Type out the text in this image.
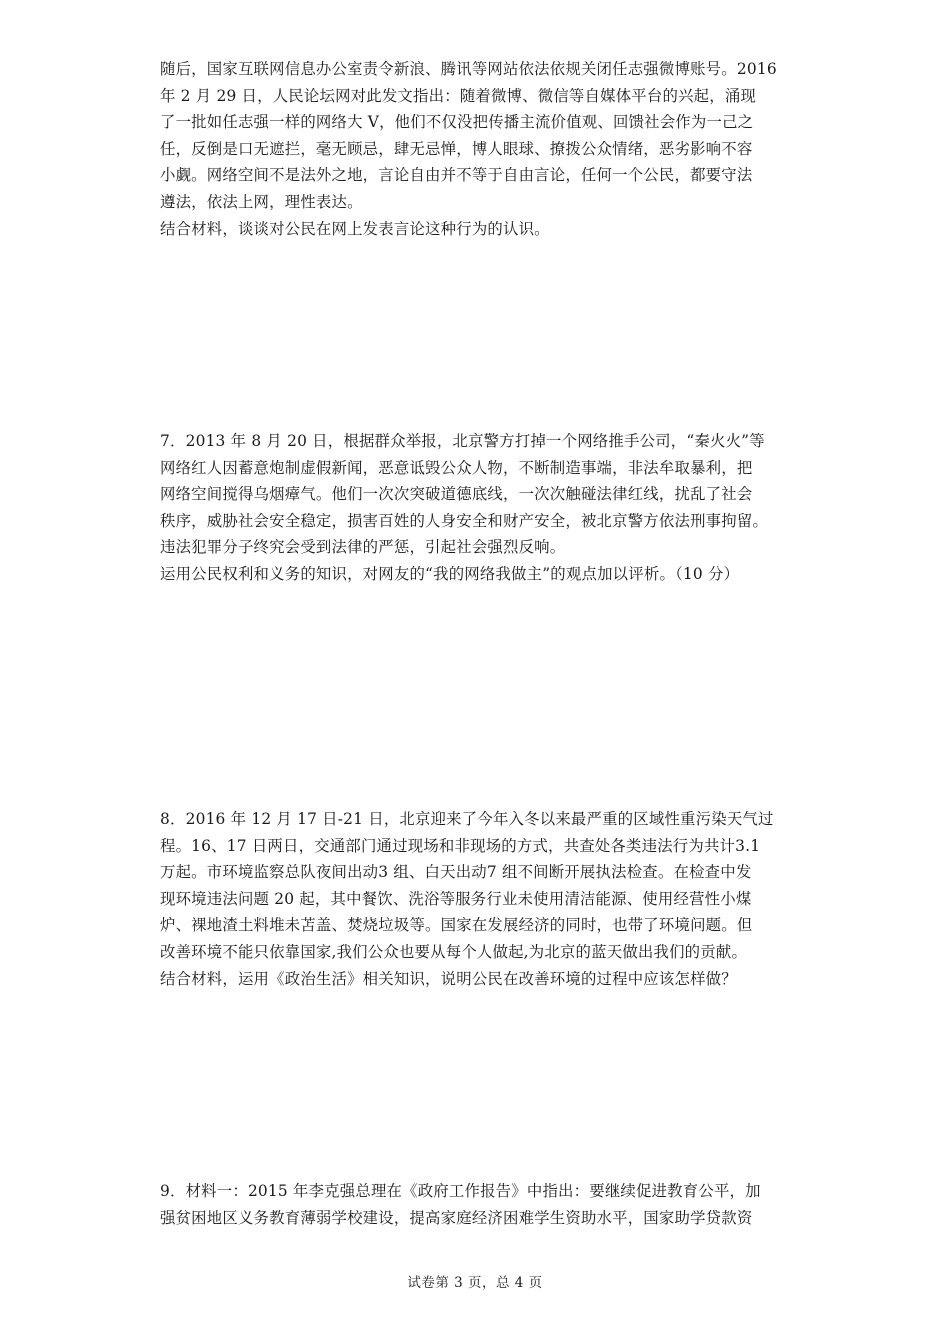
随后，国家互联网信息办公室责令新浪、腾讯等网站依法依规关闭任志强微博账号。2016
年 2 月 29 日，人民论坛网对此发文指出：随着微博、微信等自媒体平台的兴起，涌现
了一批如任志强一样的网络大 V，他们不仅没把传播主流价值观、回馈社会作为一己之
任，反倒是口无遮拦，毫无顾忌，肆无忌惮，博人眼球、撩拨公众情绪，恶劣影响不容
小觑。网络空间不是法外之地，言论自由并不等于自由言论，任何一个公民，都要守法
遵法，依法上网，理性表达。
结合材料，谈谈对公民在网上发表言论这种行为的认识。
7．2013 年 8 月 20 日，根据群众举报，北京警方打掉一个网络推手公司，“秦火火”等
网络红人因蓄意炮制虚假新闻，恶意诋毁公众人物，不断制造事端，非法牟取暴利，把
网络空间搅得乌烟瘴气。他们一次次突破道德底线，一次次触碰法律红线，扰乱了社会
秩序，威胁社会安全稳定，损害百姓的人身安全和财产安全，被北京警方依法刑事拘留。
违法犯罪分子终究会受到法律的严惩，引起社会强烈反响。
运用公民权利和义务的知识，对网友的“我的网络我做主”的观点加以评析。（10 分）
8．2016 年 12 月 17 日-21 日，北京迎来了今年入冬以来最严重的区域性重污染天气过
程。16、17 日两日，交通部门通过现场和非现场的方式，共查处各类违法行为共计3.1
万起。市环境监察总队夜间出动3 组、白天出动7 组不间断开展执法检查。在检查中发
现环境违法问题 20 起，其中餐饮、洗浴等服务行业未使用清洁能源、使用经营性小煤
炉、裸地渣土料堆未苫盖、焚烧垃圾等。国家在发展经济的同时，也带了环境问题。但
改善环境不能只依靠国家,我们公众也要从每个人做起,为北京的蓝天做出我们的贡献。
结合材料，运用《政治生活》相关知识，说明公民在改善环境的过程中应该怎样做？
9．材料一：2015 年李克强总理在《政府工作报告》中指出：要继续促进教育公平，加
强贫困地区义务教育薄弱学校建设，提高家庭经济困难学生资助水平，国家助学贷款资
试卷第 3 页，总 4 页
